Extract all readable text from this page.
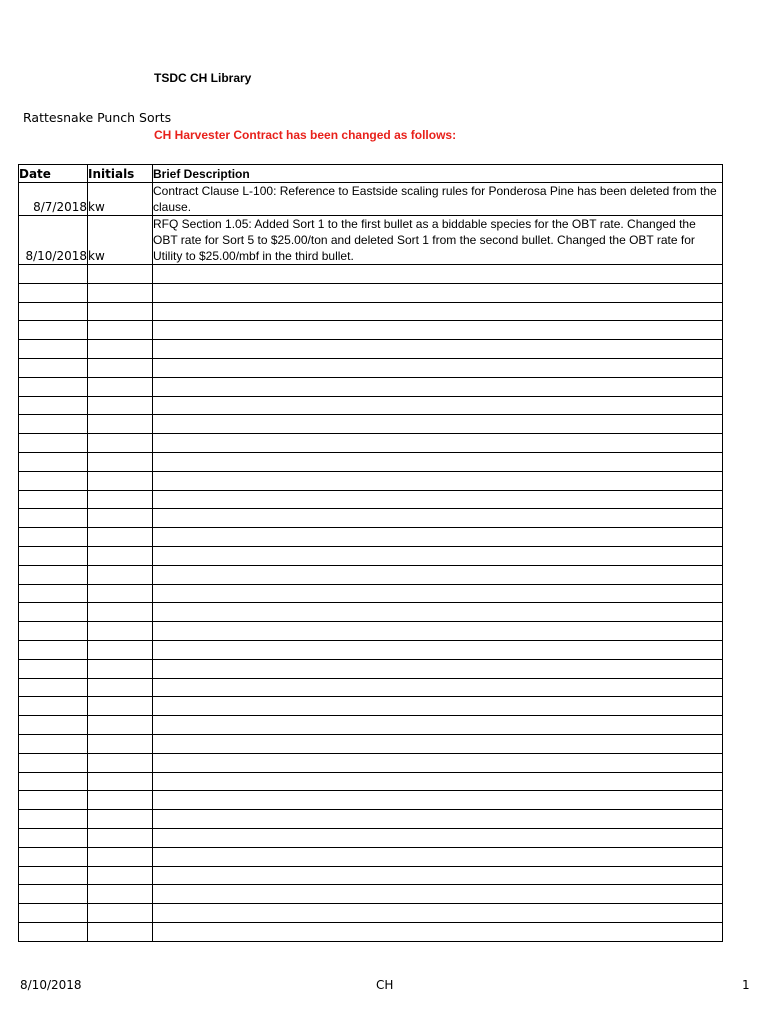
TSDC CH Library
Rattesnake Punch Sorts
CH Harvester Contract has been changed as follows:
Date	Initials	Brief Description
8/7/2018	kw	Contract Clause L-100: Reference to Eastside scaling rules for Ponderosa Pine has been deleted from the clause.
8/10/2018	kw	RFQ Section 1.05: Added Sort 1 to the first bullet as a biddable species for the OBT rate. Changed the OBT rate for Sort 5 to $25.00/ton and deleted Sort 1 from the second bullet. Changed the OBT rate for Utility to $25.00/mbf in the third bullet.

8/10/2018	CH	1
